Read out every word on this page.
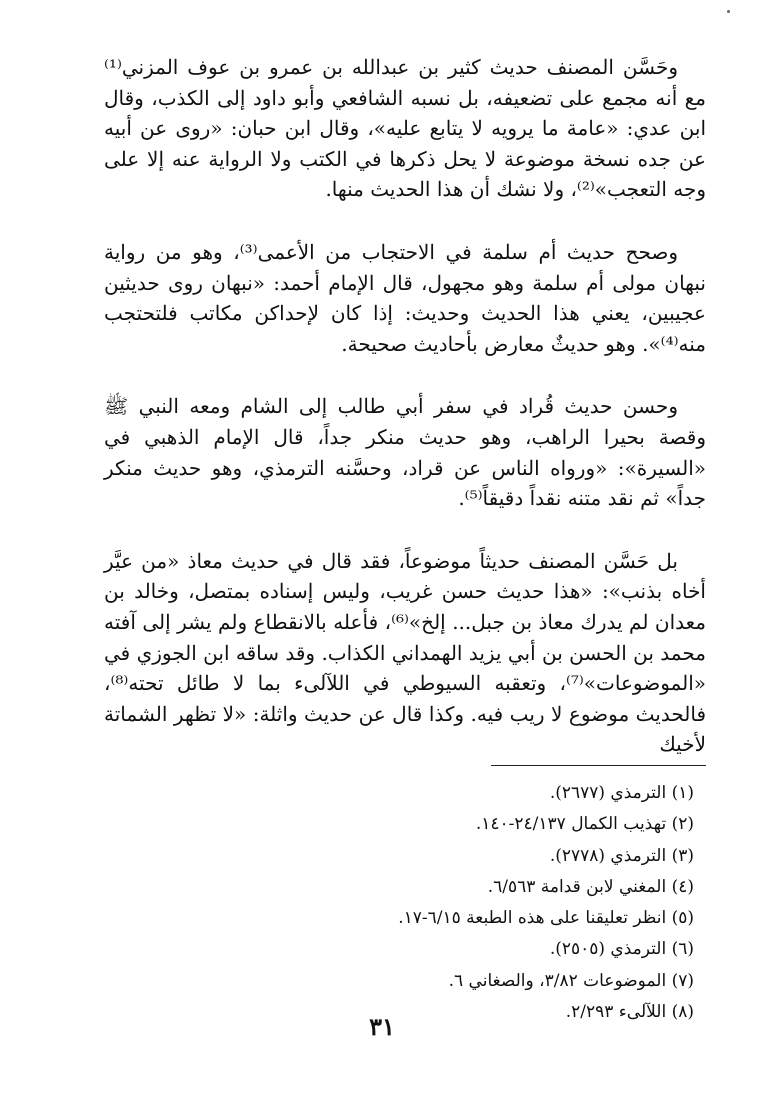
وحَسَّن المصنف حديث كثير بن عبدالله بن عمرو بن عوف المزني⁽¹⁾ مع أنه مجمع على تضعيفه، بل نسبه الشافعي وأبو داود إلى الكذب، وقال ابن عدي: «عامة ما يرويه لا يتابع عليه»، وقال ابن حبان: «روى عن أبيه عن جده نسخة موضوعة لا يحل ذكرها في الكتب ولا الرواية عنه إلا على وجه التعجب»⁽²⁾، ولا نشك أن هذا الحديث منها.

وصحح حديث أم سلمة في الاحتجاب من الأعمى⁽³⁾، وهو من رواية نبهان مولى أم سلمة وهو مجهول، قال الإمام أحمد: «نبهان روى حديثين عجيبين، يعني هذا الحديث وحديث: إذا كان لإحداكن مكاتب فلتحتجب منه⁽⁴⁾». وهو حديثٌ معارض بأحاديث صحيحة.

وحسن حديث قُراد في سفر أبي طالب إلى الشام ومعه النبي ﷺ وقصة بحيرا الراهب، وهو حديث منكر جداً، قال الإمام الذهبي في «السيرة»: «ورواه الناس عن قراد، وحسَّنه الترمذي، وهو حديث منكر جداً» ثم نقد متنه نقداً دقيقاً⁽⁵⁾.

بل حَسَّن المصنف حديثاً موضوعاً، فقد قال في حديث معاذ «من عيَّر أخاه بذنب»: «هذا حديث حسن غريب، وليس إسناده بمتصل، وخالد بن معدان لم يدرك معاذ بن جبل... إلخ»⁽⁶⁾، فأعله بالانقطاع ولم يشر إلى آفته محمد بن الحسن بن أبي يزيد الهمداني الكذاب. وقد ساقه ابن الجوزي في «الموضوعات»⁽⁷⁾، وتعقبه السيوطي في اللآلىء بما لا طائل تحته⁽⁸⁾، فالحديث موضوع لا ريب فيه. وكذا قال عن حديث واثلة: «لا تظهر الشماتة لأخيك

(١) الترمذي (٢٦٧٧).
(٢) تهذيب الكمال ٢٤/١٣٧-١٤٠.
(٣) الترمذي (٢٧٧٨).
(٤) المغني لابن قدامة ٦/٥٦٣.
(٥) انظر تعليقنا على هذه الطبعة ٦/١٥-١٧.
(٦) الترمذي (٢٥٠٥).
(٧) الموضوعات ٣/٨٢، والصغاني ٦.
(٨) اللآلىء ٢/٢٩٣.
٣١
